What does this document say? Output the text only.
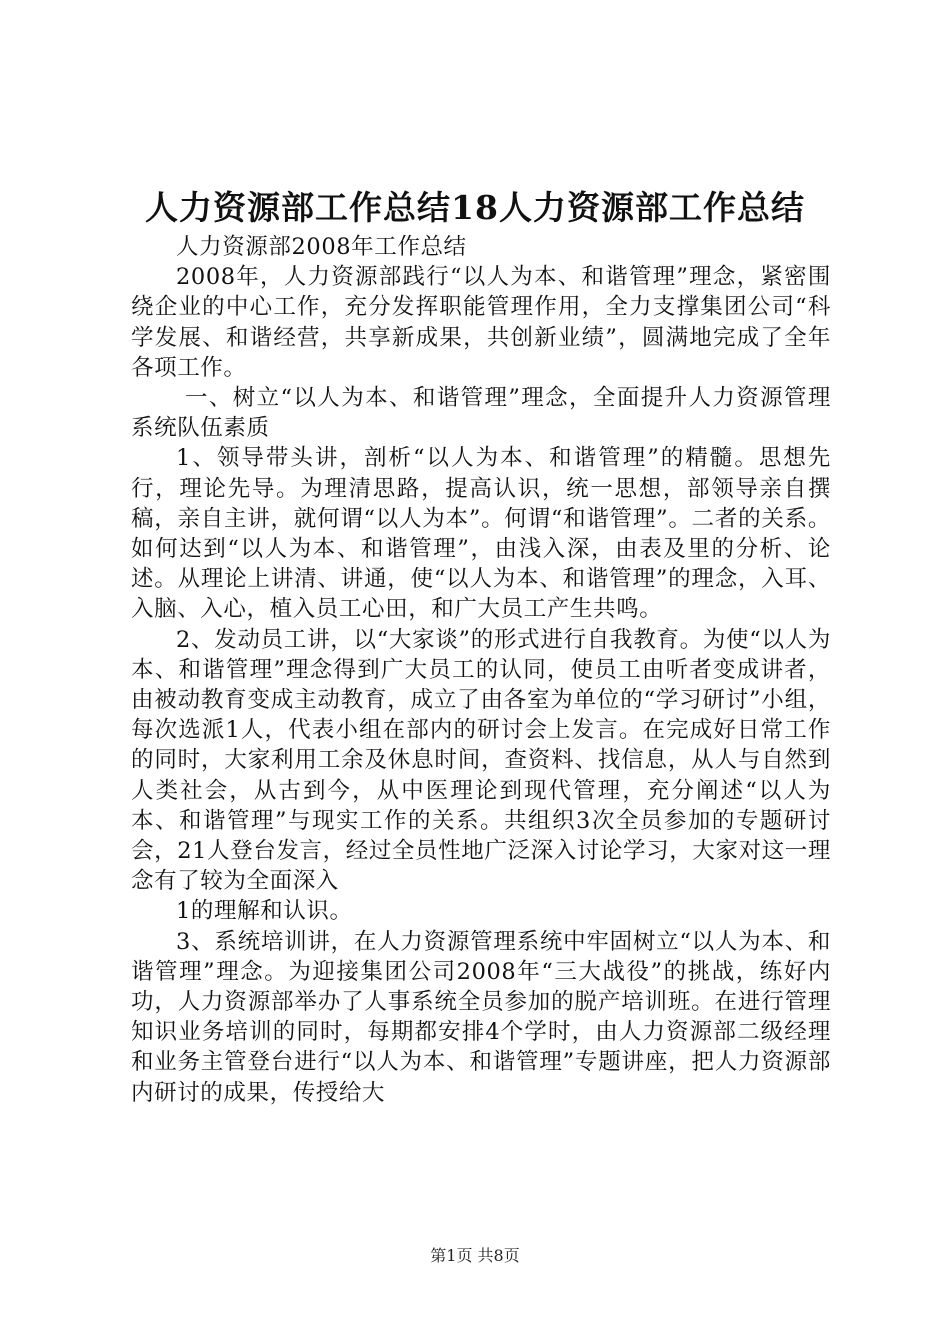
人力资源部工作总结18人力资源部工作总结

人力资源部2008年工作总结

2008年，人力资源部践行“以人为本、和谐管理”理念，紧密围绕企业的中心工作，充分发挥职能管理作用，全力支撑集团公司“科学发展、和谐经营，共享新成果，共创新业绩”，圆满地完成了全年各项工作。

一、树立“以人为本、和谐管理”理念，全面提升人力资源管理系统队伍素质

1、领导带头讲，剖析“以人为本、和谐管理”的精髓。思想先行，理论先导。为理清思路，提高认识，统一思想，部领导亲自撰稿，亲自主讲，就何谓“以人为本”。何谓“和谐管理”。二者的关系。如何达到“以人为本、和谐管理”，由浅入深，由表及里的分析、论述。从理论上讲清、讲通，使“以人为本、和谐管理”的理念，入耳、入脑、入心，植入员工心田，和广大员工产生共鸣。

2、发动员工讲，以“大家谈”的形式进行自我教育。为使“以人为本、和谐管理”理念得到广大员工的认同，使员工由听者变成讲者，由被动教育变成主动教育，成立了由各室为单位的“学习研讨”小组，每次选派1人，代表小组在部内的研讨会上发言。在完成好日常工作的同时，大家利用工余及休息时间，查资料、找信息，从人与自然到人类社会，从古到今，从中医理论到现代管理，充分阐述“以人为本、和谐管理”与现实工作的关系。共组织3次全员参加的专题研讨会，21人登台发言，经过全员性地广泛深入讨论学习，大家对这一理念有了较为全面深入

1的理解和认识。

3、系统培训讲，在人力资源管理系统中牢固树立“以人为本、和谐管理”理念。为迎接集团公司2008年“三大战役”的挑战，练好内功，人力资源部举办了人事系统全员参加的脱产培训班。在进行管理知识业务培训的同时，每期都安排4个学时，由人力资源部二级经理和业务主管登台进行“以人为本、和谐管理”专题讲座，把人力资源部内研讨的成果，传授给大

第1页 共8页
